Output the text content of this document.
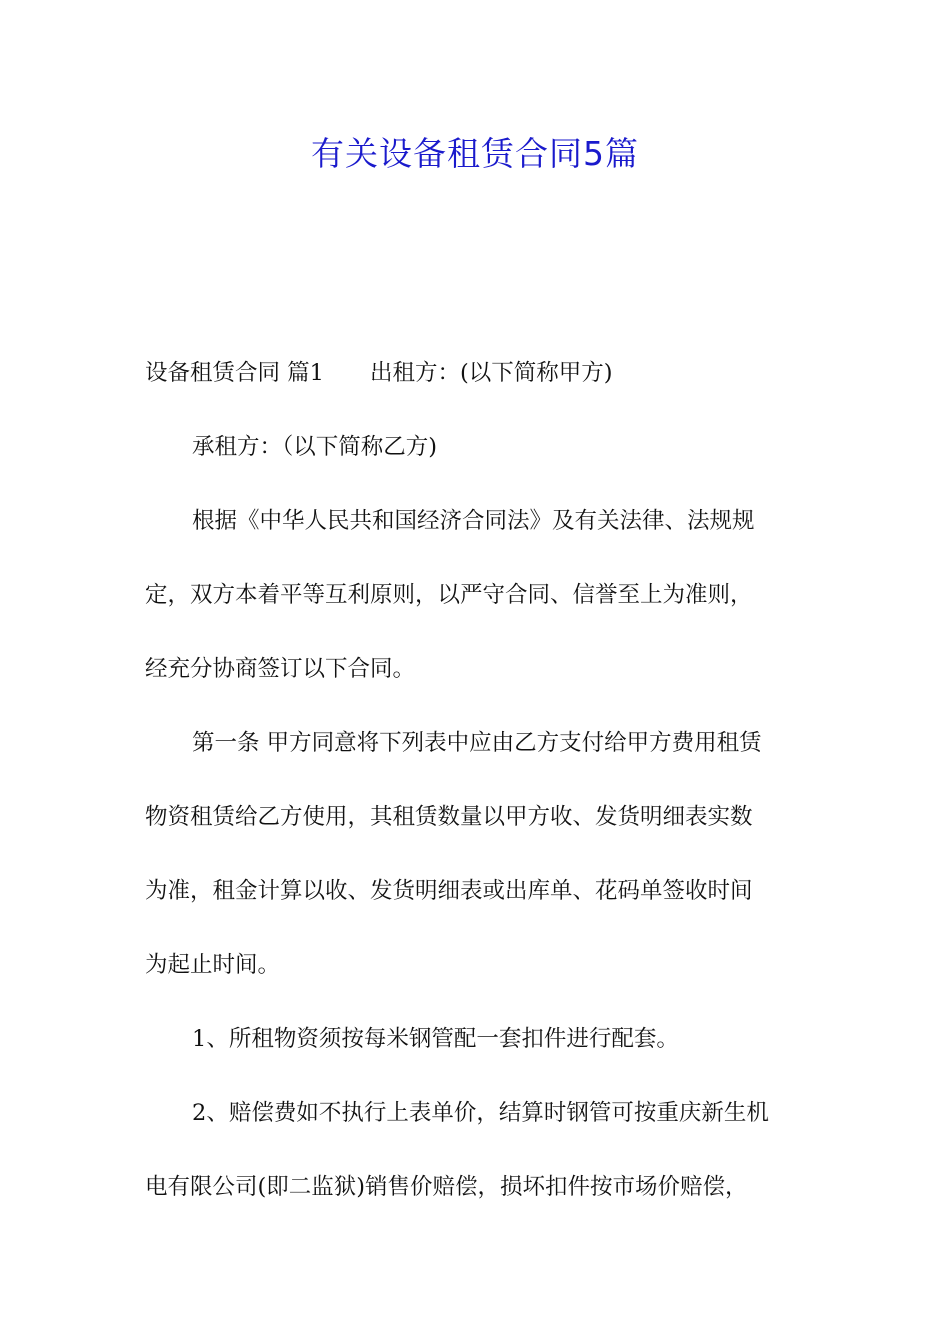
有关设备租赁合同5篇

设备租赁合同 篇1 出租方：(以下简称甲方)

承租方：（以下简称乙方)

根据《中华人民共和国经济合同法》及有关法律、法规规

定，双方本着平等互利原则，以严守合同、信誉至上为准则，
经充分协商签订以下合同。

第一条 甲方同意将下列表中应由乙方支付给甲方费用租赁

物资租赁给乙方使用，其租赁数量以甲方收、发货明细表实数
为准，租金计算以收、发货明细表或出库单、花码单签收时间
为起止时间。

1、所租物资须按每米钢管配一套扣件进行配套。

2、赔偿费如不执行上表单价，结算时钢管可按重庆新生机

电有限公司(即二监狱)销售价赔偿，损坏扣件按市场价赔偿，
